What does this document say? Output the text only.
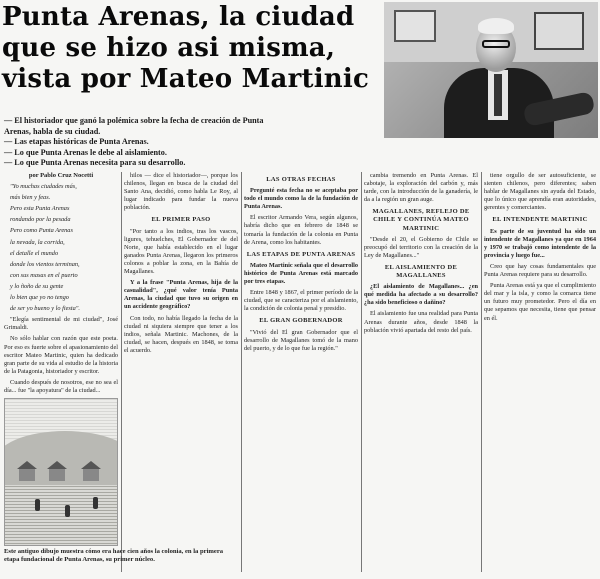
Punta Arenas, la ciudad
que se hizo asi misma,
vista por Mateo Martinic
— El historiador que ganó la polémica sobre la fecha de creación de Punta
Arenas, habla de su ciudad.
— Las etapas históricas de Punta Arenas.
— Lo que Punta Arenas le debe al aislamiento.
— Lo que Punta Arenas necesita para su desarrollo.

por Pablo Cruz Nocetti

"Yo muchas ciudades más,

más bien y feas.

Pero esta Punta Arenas

rondando por la pesada

Pero como Punta Arenas

la nevada, la corrida,

el detalle el mundo

donde los vientos terminan,

con sus masas en el puerto

y lo ñoño de su gente

lo bien que yo no tengo

de ser yo bueno y lo fiesta".

"Elegía sentimental de mi ciudad", José Grimaldi.

No sólo hablar con razón que este poeta. Por eso es fuerte sobre el apasionamiento del escritor Mateo Martinic, quien ha dedicado gran parte de su vida al estudio de la historia de la Patagonia, historiador y escritor.

Cuando después de nosotros, ese no sea el día... fue "la apoyatura" de la ciudad...

hilos — dice el historiador—, porque los chilenos, llegan en busca de la ciudad del Santo Ana, decidió, como habla Le Roy, al lugar indicado para fundar la nueva población.

EL PRIMER PASO

"Por tanto a los indios, tras los vascos, ligures, tehuelches, El Gobernador de del Norte, que había establecido en el lugar ganados Punta Arenas, llegaron los primeros colonos a poblar la zona, en la Bahía de Magallanes.

Y a la frase "Punta Arenas, hija de la casualidad", ¿qué valor tenía Punta Arenas, la ciudad que tuvo su origen en un accidente geográfico?

Con todo, no había llegado la fecha de la ciudad ni siquiera siempre que tener a los indios, señala Martinic. Machones, de la ciudad, se hacen, después en 1848, se toma el acuerdo.

LAS OTRAS FECHAS

Pregunté esta fecha no se aceptaba por todo el mundo como la de la fundación de Punta Arenas.

El escritor Armando Vera, según algunos, habría dicho que en febrero de 1848 se tomaría la fundación de la colonia en Punta de Arena, como los habitantes.

LAS ETAPAS DE PUNTA ARENAS

Mateo Martinic señala que el desarrollo histórico de Punta Arenas está marcado por tres etapas.

Entre 1848 y 1867, el primer período de la ciudad, que se caracteriza por el aislamiento, la condición de colonia penal y presidio.

EL GRAN GOBERNADOR

"Vivió del El gran Gobernador que el desarrollo de Magallanes tomó de la mano del puerto, y de lo que fue la región."

cambia tremendo en Punta Arenas. El cabotaje, la exploración del carbón y, más tarde, con la introducción de la ganadería, le da a la región un gran auge.

MAGALLANES, REFLEJO DE CHILE Y CONTINÚA MATEO MARTINIC

"Desde el 20, el Gobierno de Chile se preocupó del territorio con la creación de la Ley de Magallanes..."

EL AISLAMIENTO DE MAGALLANES

¿El aislamiento de Magallanes... ¿en qué medida ha afectado a su desarrollo? ¿ha sido beneficioso o dañino?

El aislamiento fue una realidad para Punta Arenas durante años, desde 1848 la población vivió apartada del resto del país.

tiene orgullo de ser autosuficiente, se sienten chilenos, pero diferentes; saben hablar de Magallanes sin ayuda del Estado, que lo único que aprendía eran autoridades, gerentes y comerciantes.

EL INTENDENTE MARTINIC

Es parte de su juventud ha sido un intendente de Magallanes ya que en 1964 y 1970 se trabajó como intendente de la provincia y luego fue...

Creo que hay cosas fundamentales que Punta Arenas requiere para su desarrollo.

Punta Arenas está ya que el cumplimiento del mar y la isla, y como la comarca tiene un futuro muy prometedor. Pero el día en que sepamos que necesita, tiene que pensar en él.

Este antiguo dibujo muestra cómo era hace cien años la colonia, en la primera etapa fundacional de Punta Arenas, su primer núcleo.
